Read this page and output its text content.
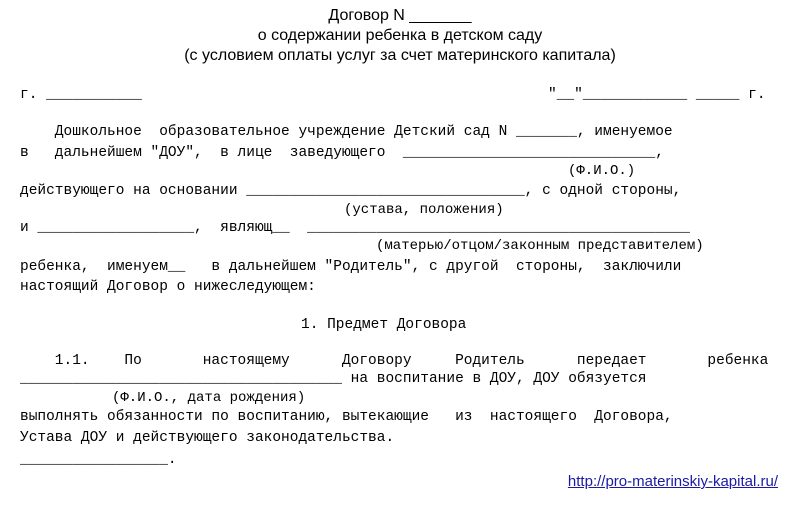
Договор N _______
о содержании ребенка в детском саду
(с условием оплаты услуг за счет материнского капитала)
г. ___________	"__"____________ _____ г.
Дошкольное  образовательное учреждение Детский сад N _______, именуемое
в   дальнейшем "ДОУ",  в лице  заведующего  _____________________________,
(Ф.И.О.)
действующего на основании ________________________________, с одной стороны,
(устава, положения)
и __________________,  являющ__  ____________________________________________
(матерью/отцом/законным представителем)
ребенка,  именуем__   в дальнейшем "Родитель", с другой  стороны,  заключили
настоящий Договор о нижеследующем:
1. Предмет Договора
1.1.    По       настоящему      Договору     Родитель      передает       ребенка
_____________________________________ на воспитание в ДОУ, ДОУ обязуется
(Ф.И.О., дата рождения)
выполнять обязанности по воспитанию, вытекающие   из  настоящего  Договора,
Устава ДОУ и действующего законодательства.
_________________.
http://pro-materinskiy-kapital.ru/
